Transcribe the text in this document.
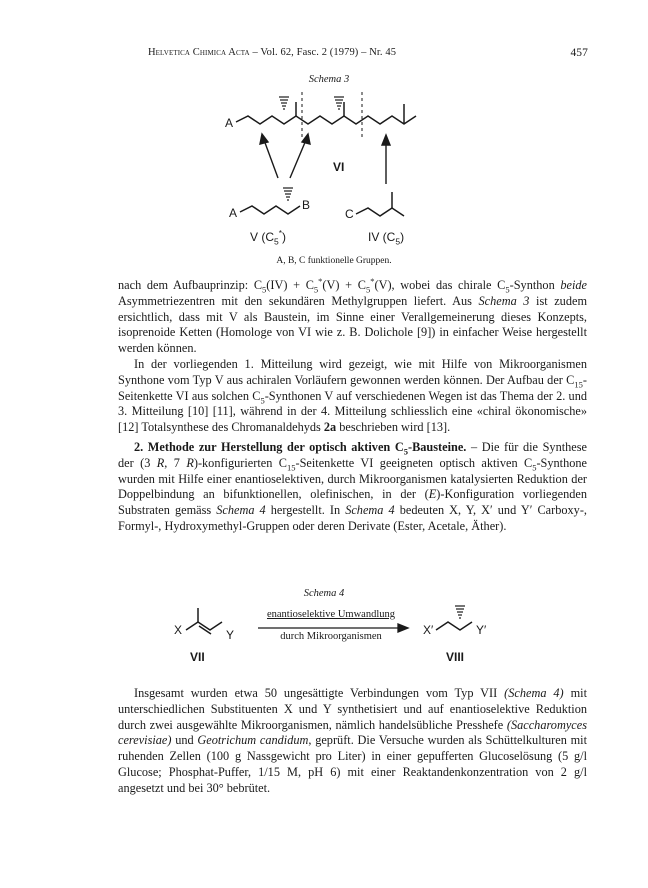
Helvetica Chimica Acta – Vol. 62, Fasc. 2 (1979) – Nr. 45	457
Schema 3
A
A
B
C
VI
V $(C_5^*)$	IV $(C_5)$
A, B, C funktionelle Gruppen.

nach dem Aufbauprinzip: $C_5(IV) + C_5^*(V) + C_5^*(V)$, wobei das chirale $C_5$-Synthon beide Asymmetriezentren mit den sekundären Methylgruppen liefert. Aus Schema 3 ist zudem ersichtlich, dass mit V als Baustein, im Sinne einer Verallgemeinerung dieses Konzepts, isoprenoide Ketten (Homologe von VI wie z. B. Dolichole [9]) in einfacher Weise hergestellt werden können.

In der vorliegenden 1. Mitteilung wird gezeigt, wie mit Hilfe von Mikroorganismen Synthone vom Typ V aus achiralen Vorläufern gewonnen werden können. Der Aufbau der $C_{15}$-Seitenkette VI aus solchen $C_5$-Synthonen V auf verschiedenen Wegen ist das Thema der 2. und 3. Mitteilung [10] [11], während in der 4. Mitteilung schliesslich eine «chiral ökonomische» [12] Totalsynthese des Chromanaldehyds 2a beschrieben wird [13].

2. Methode zur Herstellung der optisch aktiven $C_5$-Bausteine. – Die für die Synthese der (3 R, 7 R)-konfigurierten $C_{15}$-Seitenkette VI geeigneten optisch aktiven $C_5$-Synthone wurden mit Hilfe einer enantioselektiven, durch Mikroorganismen katalysierten Reduktion der Doppelbindung an bifunktionellen, olefinischen, in der (E)-Konfiguration vorliegenden Substraten gemäss Schema 4 hergestellt. In Schema 4 bedeuten X, Y, X′ und Y′ Carboxy-, Formyl-, Hydroxymethyl-Gruppen oder deren Derivate (Ester, Acetale, Äther).

Schema 4
X	Y	X′	Y′
enantioselektive Umwandlung
durch Mikroorganismen
VII	VIII

Insgesamt wurden etwa 50 ungesättigte Verbindungen vom Typ VII (Schema 4) mit unterschiedlichen Substituenten X und Y synthetisiert und auf enantioselektive Reduktion durch zwei ausgewählte Mikroorganismen, nämlich handelsübliche Presshefe (Saccharomyces cerevisiae) und Geotrichum candidum, geprüft. Die Versuche wurden als Schüttelkulturen mit ruhenden Zellen (100 g Nassgewicht pro Liter) in einer gepufferten Glucoselösung (5 g/l Glucose; Phosphat-Puffer, 1/15 M, pH 6) mit einer Reaktandenkonzentration von 2 g/l angesetzt und bei 30° bebrütet.
